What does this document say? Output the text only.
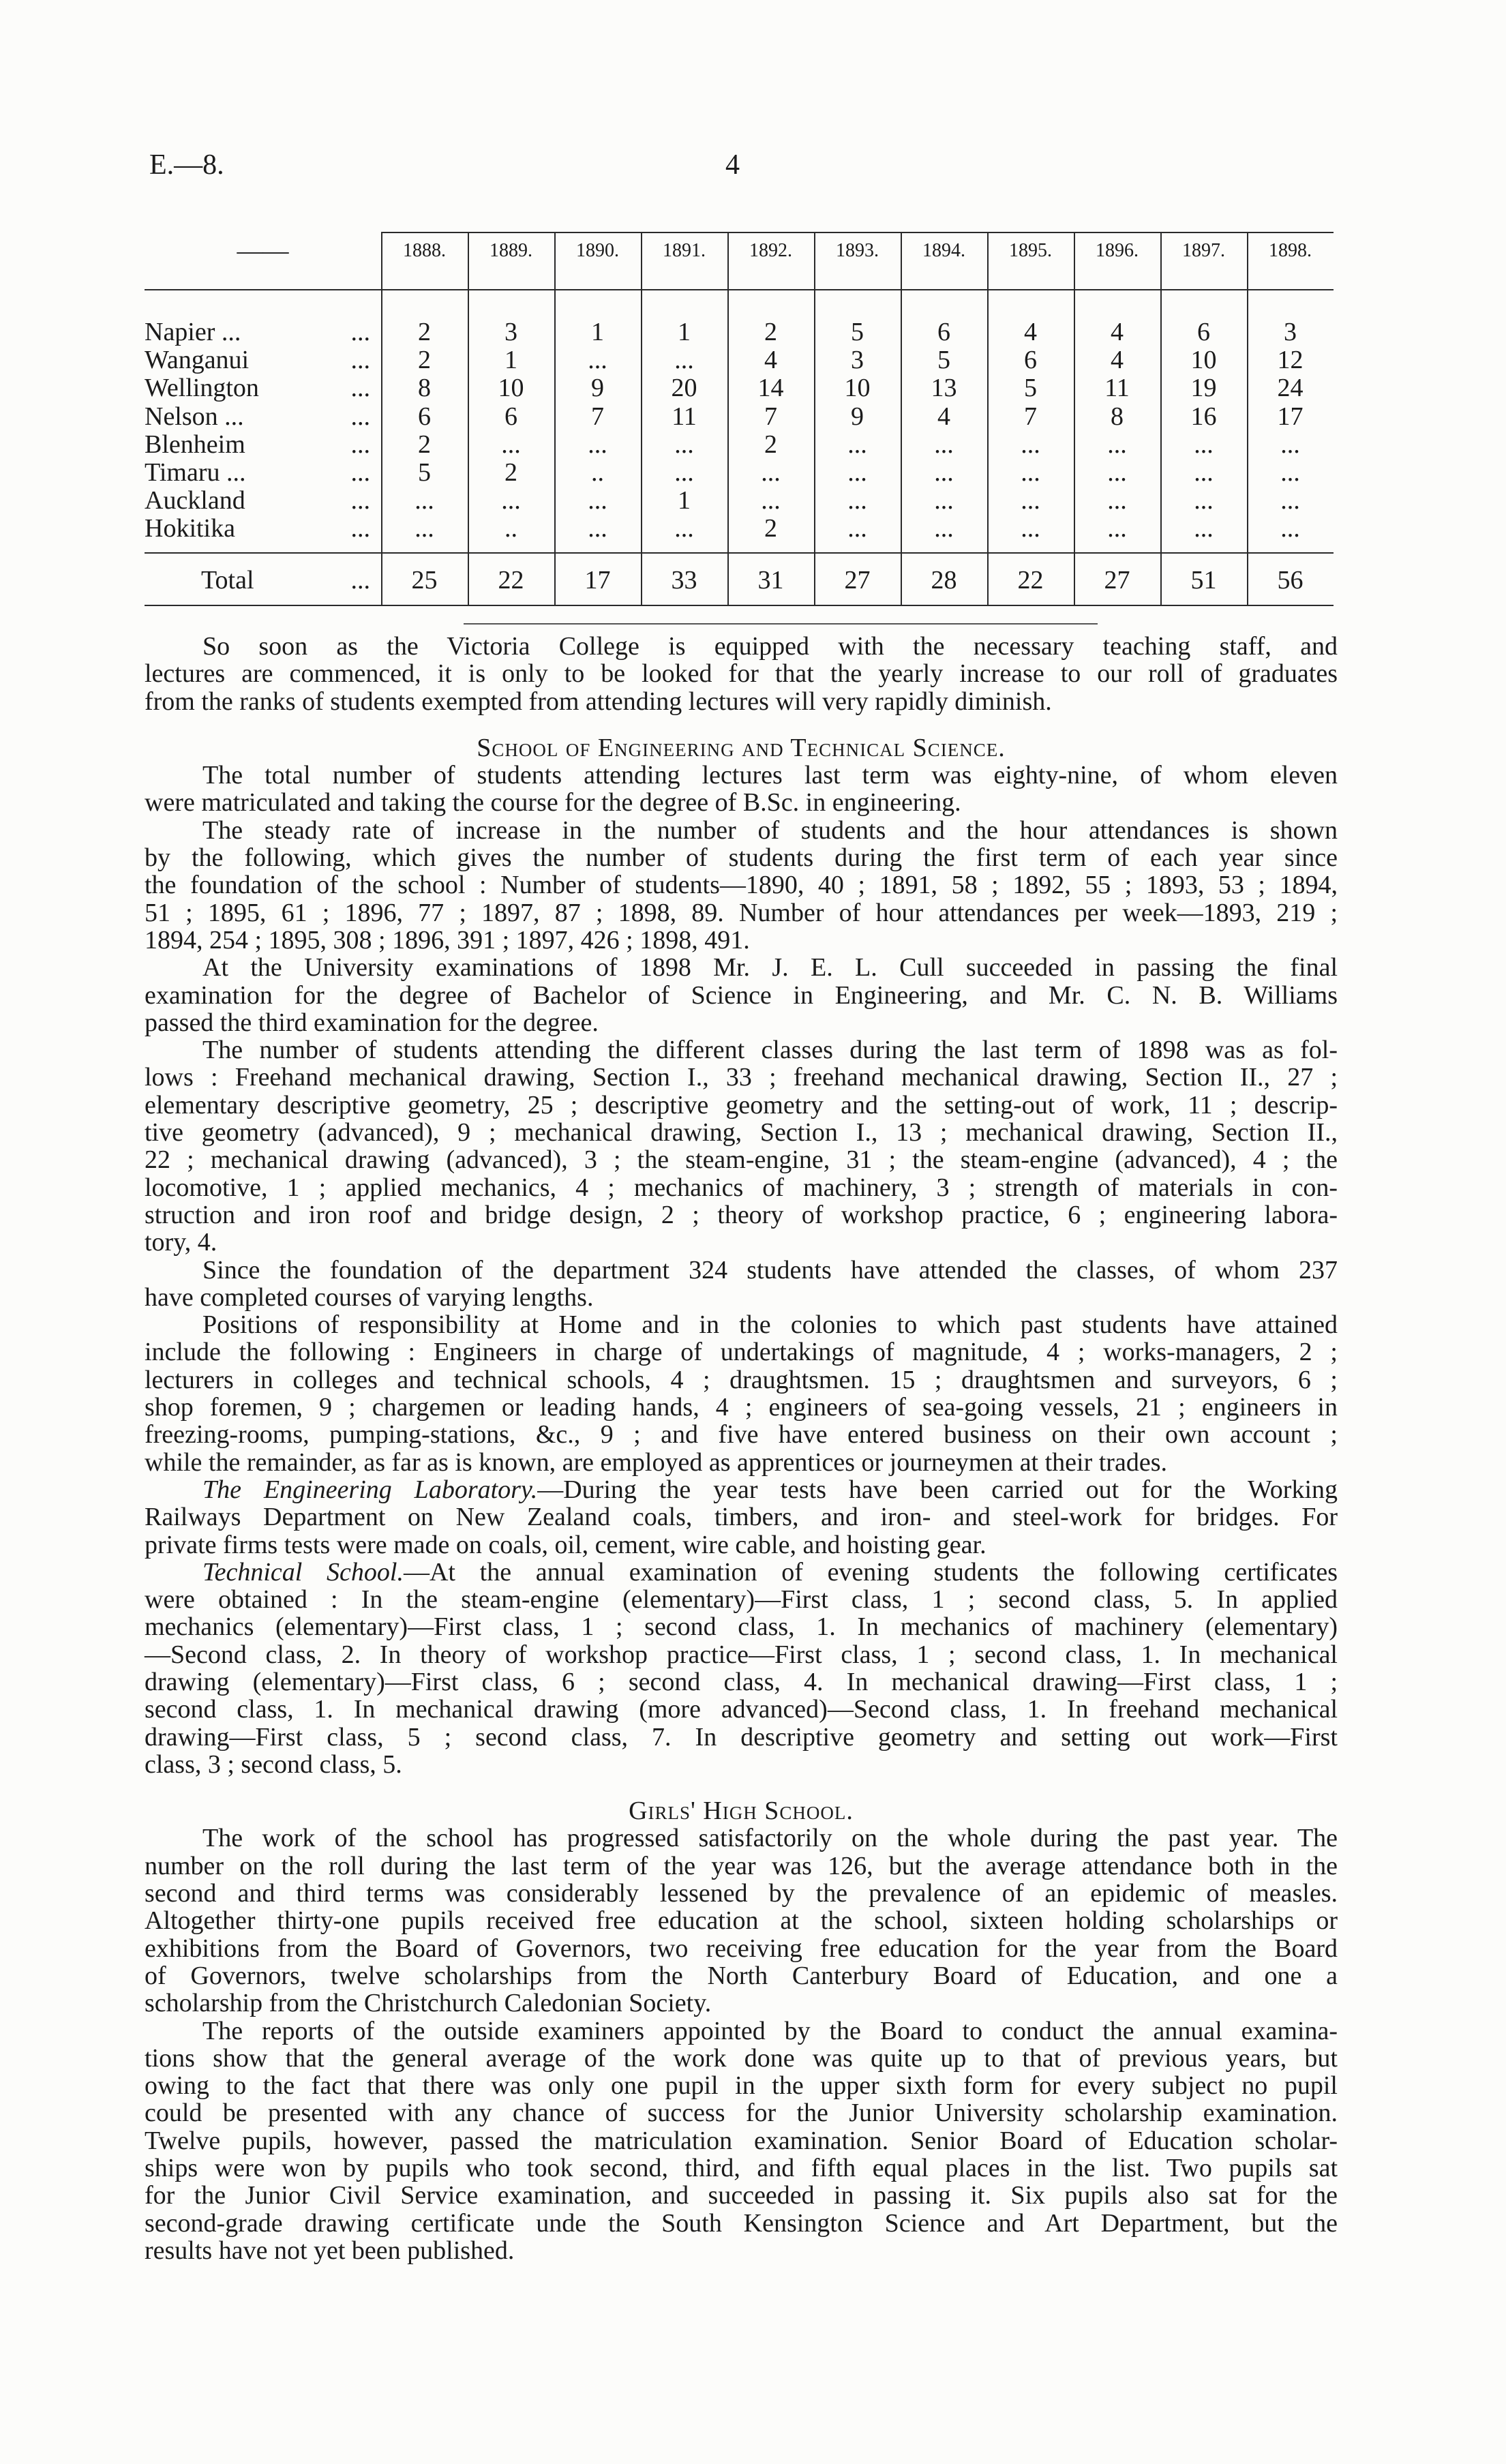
E.—8.	4
——	1888.	1889.	1890.	1891.	1892.	1893.	1894.	1895.	1896.	1897.	1898.
Napier ...	...	2	3	1	1	2	5	6	4	4	6	3
Wanganui	...	2	1	...	...	4	3	5	6	4	10	12
Wellington	...	8	10	9	20	14	10	13	5	11	19	24
Nelson ...	...	6	6	7	11	7	9	4	7	8	16	17
Blenheim	...	2	...	...	...	2	...	...	...	...	...	...
Timaru ...	...	5	2	..	...	...	...	...	...	...	...	...
Auckland	...	...	...	...	1	...	...	...	...	...	...	...
Hokitika	...	...	..	...	...	2	...	...	...	...	...	...
Total	...	25	22	17	33	31	27	28	22	27	51	56
So soon as the Victoria College is equipped with the necessary teaching staff, and
lectures are commenced, it is only to be looked for that the yearly increase to our roll of graduates
from the ranks of students exempted from attending lectures will very rapidly diminish.
School of Engineering and Technical Science.
The total number of students attending lectures last term was eighty-nine, of whom eleven
were matriculated and taking the course for the degree of B.Sc. in engineering.
The steady rate of increase in the number of students and the hour attendances is shown
by the following, which gives the number of students during the first term of each year since
the foundation of the school : Number of students—1890, 40 ; 1891, 58 ; 1892, 55 ; 1893, 53 ; 1894,
51 ; 1895, 61 ; 1896, 77 ; 1897, 87 ; 1898, 89. Number of hour attendances per week—1893, 219 ;
1894, 254 ; 1895, 308 ; 1896, 391 ; 1897, 426 ; 1898, 491.
At the University examinations of 1898 Mr. J. E. L. Cull succeeded in passing the final
examination for the degree of Bachelor of Science in Engineering, and Mr. C. N. B. Williams
passed the third examination for the degree.
The number of students attending the different classes during the last term of 1898 was as fol-
lows : Freehand mechanical drawing, Section I., 33 ; freehand mechanical drawing, Section II., 27 ;
elementary descriptive geometry, 25 ; descriptive geometry and the setting-out of work, 11 ; descrip-
tive geometry (advanced), 9 ; mechanical drawing, Section I., 13 ; mechanical drawing, Section II.,
22 ; mechanical drawing (advanced), 3 ; the steam-engine, 31 ; the steam-engine (advanced), 4 ; the
locomotive, 1 ; applied mechanics, 4 ; mechanics of machinery, 3 ; strength of materials in con-
struction and iron roof and bridge design, 2 ; theory of workshop practice, 6 ; engineering labora-
tory, 4.
Since the foundation of the department 324 students have attended the classes, of whom 237
have completed courses of varying lengths.
Positions of responsibility at Home and in the colonies to which past students have attained
include the following : Engineers in charge of undertakings of magnitude, 4 ; works-managers, 2 ;
lecturers in colleges and technical schools, 4 ; draughtsmen. 15 ; draughtsmen and surveyors, 6 ;
shop foremen, 9 ; chargemen or leading hands, 4 ; engineers of sea-going vessels, 21 ; engineers in
freezing-rooms, pumping-stations, &c., 9 ; and five have entered business on their own account ;
while the remainder, as far as is known, are employed as apprentices or journeymen at their trades.
The Engineering Laboratory.—During the year tests have been carried out for the Working
Railways Department on New Zealand coals, timbers, and iron- and steel-work for bridges. For
private firms tests were made on coals, oil, cement, wire cable, and hoisting gear.
Technical School.—At the annual examination of evening students the following certificates
were obtained : In the steam-engine (elementary)—First class, 1 ; second class, 5. In applied
mechanics (elementary)—First class, 1 ; second class, 1. In mechanics of machinery (elementary)
—Second class, 2. In theory of workshop practice—First class, 1 ; second class, 1. In mechanical
drawing (elementary)—First class, 6 ; second class, 4. In mechanical drawing—First class, 1 ;
second class, 1. In mechanical drawing (more advanced)—Second class, 1. In freehand mechanical
drawing—First class, 5 ; second class, 7. In descriptive geometry and setting out work—First
class, 3 ; second class, 5.
Girls' High School.
The work of the school has progressed satisfactorily on the whole during the past year. The
number on the roll during the last term of the year was 126, but the average attendance both in the
second and third terms was considerably lessened by the prevalence of an epidemic of measles.
Altogether thirty-one pupils received free education at the school, sixteen holding scholarships or
exhibitions from the Board of Governors, two receiving free education for the year from the Board
of Governors, twelve scholarships from the North Canterbury Board of Education, and one a
scholarship from the Christchurch Caledonian Society.
The reports of the outside examiners appointed by the Board to conduct the annual examina-
tions show that the general average of the work done was quite up to that of previous years, but
owing to the fact that there was only one pupil in the upper sixth form for every subject no pupil
could be presented with any chance of success for the Junior University scholarship examination.
Twelve pupils, however, passed the matriculation examination. Senior Board of Education scholar-
ships were won by pupils who took second, third, and fifth equal places in the list. Two pupils sat
for the Junior Civil Service examination, and succeeded in passing it. Six pupils also sat for the
second-grade drawing certificate unde the South Kensington Science and Art Department, but the
results have not yet been published.
